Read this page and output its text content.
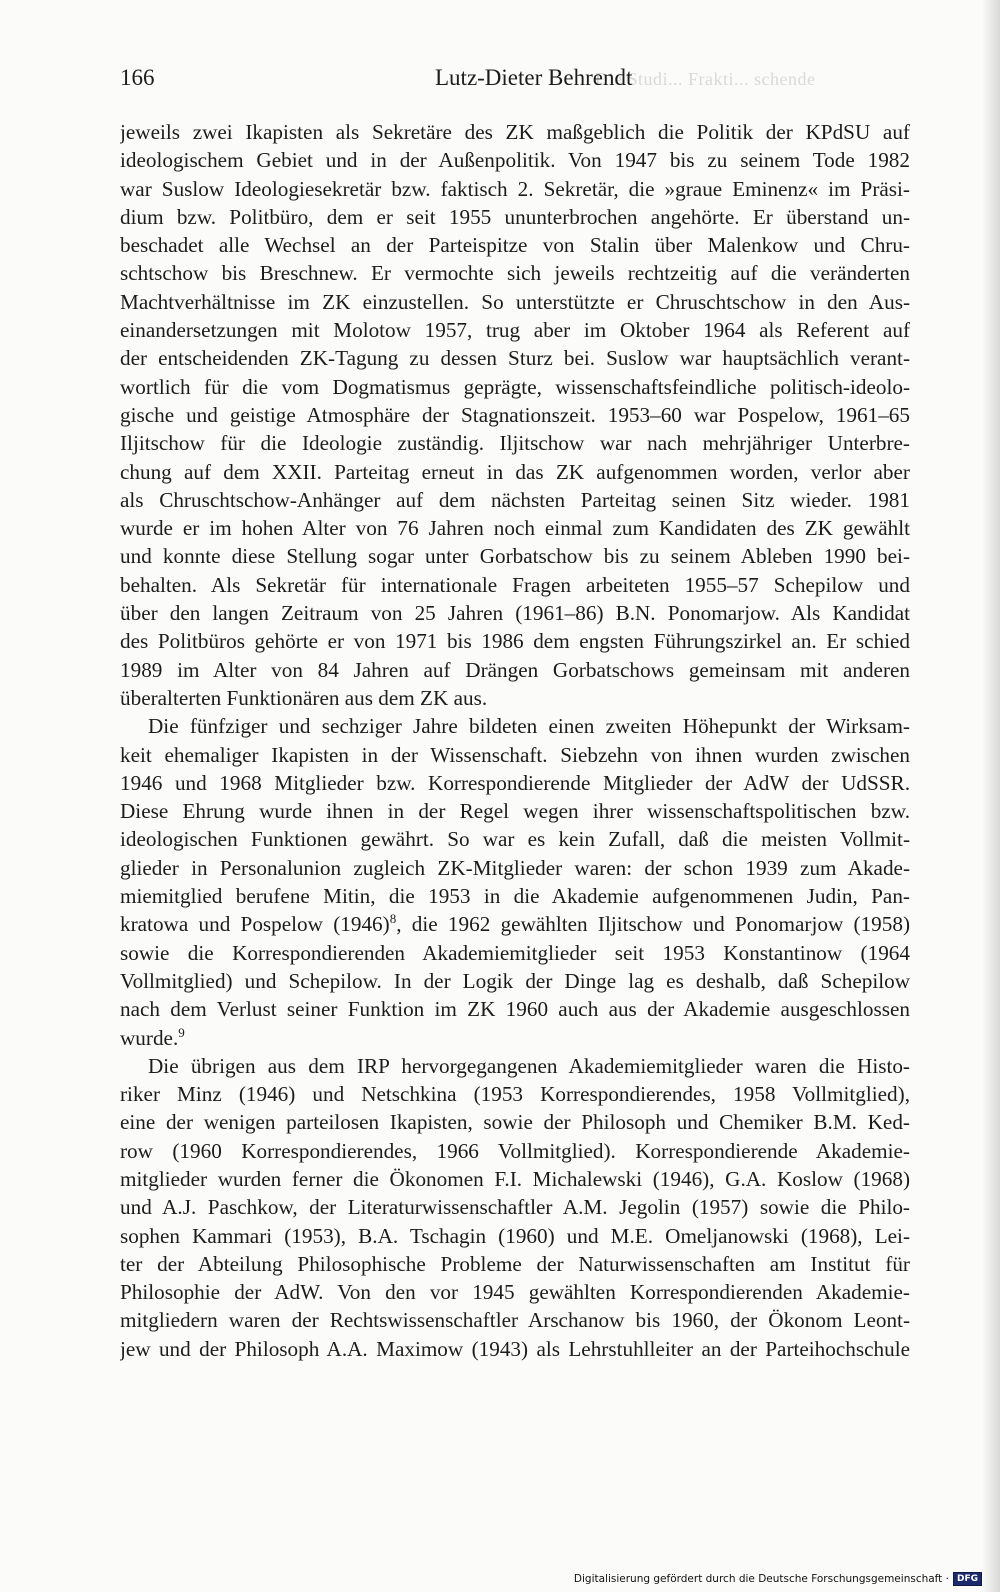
166	Die Studi... Frakti... schende
Lutz-Dieter Behrendt
jeweils zwei Ikapisten als Sekretäre des ZK maßgeblich die Politik der KPdSU auf
ideologischem Gebiet und in der Außenpolitik. Von 1947 bis zu seinem Tode 1982
war Suslow Ideologiesekretär bzw. faktisch 2. Sekretär, die »graue Eminenz« im Präsi-
dium bzw. Politbüro, dem er seit 1955 ununterbrochen angehörte. Er überstand un-
beschadet alle Wechsel an der Parteispitze von Stalin über Malenkow und Chru-
schtschow bis Breschnew. Er vermochte sich jeweils rechtzeitig auf die veränderten
Machtverhältnisse im ZK einzustellen. So unterstützte er Chruschtschow in den Aus-
einandersetzungen mit Molotow 1957, trug aber im Oktober 1964 als Referent auf
der entscheidenden ZK-Tagung zu dessen Sturz bei. Suslow war hauptsächlich verant-
wortlich für die vom Dogmatismus geprägte, wissenschaftsfeindliche politisch-ideolo-
gische und geistige Atmosphäre der Stagnationszeit. 1953–60 war Pospelow, 1961–65
Iljitschow für die Ideologie zuständig. Iljitschow war nach mehrjähriger Unterbre-
chung auf dem XXII. Parteitag erneut in das ZK aufgenommen worden, verlor aber
als Chruschtschow-Anhänger auf dem nächsten Parteitag seinen Sitz wieder. 1981
wurde er im hohen Alter von 76 Jahren noch einmal zum Kandidaten des ZK gewählt
und konnte diese Stellung sogar unter Gorbatschow bis zu seinem Ableben 1990 bei-
behalten. Als Sekretär für internationale Fragen arbeiteten 1955–57 Schepilow und
über den langen Zeitraum von 25 Jahren (1961–86) B.N. Ponomarjow. Als Kandidat
des Politbüros gehörte er von 1971 bis 1986 dem engsten Führungszirkel an. Er schied
1989 im Alter von 84 Jahren auf Drängen Gorbatschows gemeinsam mit anderen
überalterten Funktionären aus dem ZK aus.
Die fünfziger und sechziger Jahre bildeten einen zweiten Höhepunkt der Wirksam-
keit ehemaliger Ikapisten in der Wissenschaft. Siebzehn von ihnen wurden zwischen
1946 und 1968 Mitglieder bzw. Korrespondierende Mitglieder der AdW der UdSSR.
Diese Ehrung wurde ihnen in der Regel wegen ihrer wissenschaftspolitischen bzw.
ideologischen Funktionen gewährt. So war es kein Zufall, daß die meisten Vollmit-
glieder in Personalunion zugleich ZK-Mitglieder waren: der schon 1939 zum Akade-
miemitglied berufene Mitin, die 1953 in die Akademie aufgenommenen Judin, Pan-
kratowa und Pospelow $(1946)^8$, die 1962 gewählten Iljitschow und Ponomarjow (1958)
sowie die Korrespondierenden Akademiemitglieder seit 1953 Konstantinow (1964
Vollmitglied) und Schepilow. In der Logik der Dinge lag es deshalb, daß Schepilow
nach dem Verlust seiner Funktion im ZK 1960 auch aus der Akademie ausgeschlossen
wurde.$^9$
Die übrigen aus dem IRP hervorgegangenen Akademiemitglieder waren die Histo-
riker Minz (1946) und Netschkina (1953 Korrespondierendes, 1958 Vollmitglied),
eine der wenigen parteilosen Ikapisten, sowie der Philosoph und Chemiker B.M. Ked-
row (1960 Korrespondierendes, 1966 Vollmitglied). Korrespondierende Akademie-
mitglieder wurden ferner die Ökonomen F.I. Michalewski (1946), G.A. Koslow (1968)
und A.J. Paschkow, der Literaturwissenschaftler A.M. Jegolin (1957) sowie die Philo-
sophen Kammari (1953), B.A. Tschagin (1960) und M.E. Omeljanowski (1968), Lei-
ter der Abteilung Philosophische Probleme der Naturwissenschaften am Institut für
Philosophie der AdW. Von den vor 1945 gewählten Korrespondierenden Akademie-
mitgliedern waren der Rechtswissenschaftler Arschanow bis 1960, der Ökonom Leont-
jew und der Philosoph A.A. Maximow (1943) als Lehrstuhlleiter an der Parteihochschule
Digitalisierung gefördert durch die Deutsche Forschungsgemeinschaft · DFG
